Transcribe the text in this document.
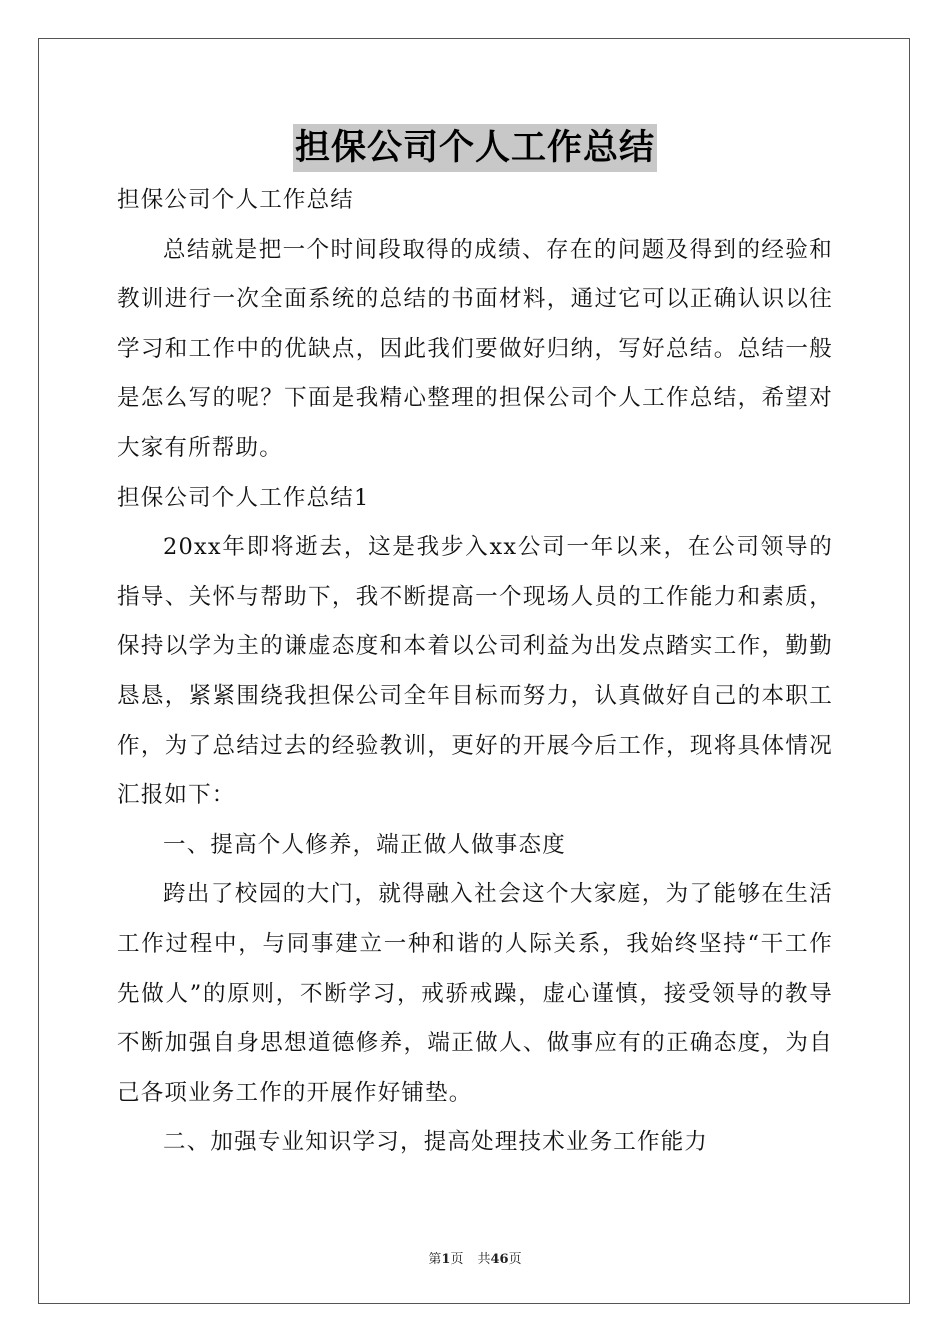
担保公司个人工作总结

担保公司个人工作总结

总结就是把一个时间段取得的成绩、存在的问题及得到的经验和教训进行一次全面系统的总结的书面材料，通过它可以正确认识以往学习和工作中的优缺点，因此我们要做好归纳，写好总结。总结一般是怎么写的呢？下面是我精心整理的担保公司个人工作总结，希望对大家有所帮助。

担保公司个人工作总结1

20xx年即将逝去，这是我步入xx公司一年以来，在公司领导的指导、关怀与帮助下，我不断提高一个现场人员的工作能力和素质，保持以学为主的谦虚态度和本着以公司利益为出发点踏实工作，勤勤恳恳，紧紧围绕我担保公司全年目标而努力，认真做好自己的本职工作，为了总结过去的经验教训，更好的开展今后工作，现将具体情况汇报如下：

一、提高个人修养，端正做人做事态度

跨出了校园的大门，就得融入社会这个大家庭，为了能够在生活工作过程中，与同事建立一种和谐的人际关系，我始终坚持“干工作先做人”的原则，不断学习，戒骄戒躁，虚心谨慎，接受领导的教导不断加强自身思想道德修养，端正做人、做事应有的正确态度，为自己各项业务工作的开展作好铺垫。

二、加强专业知识学习，提高处理技术业务工作能力

第1页 共46页
